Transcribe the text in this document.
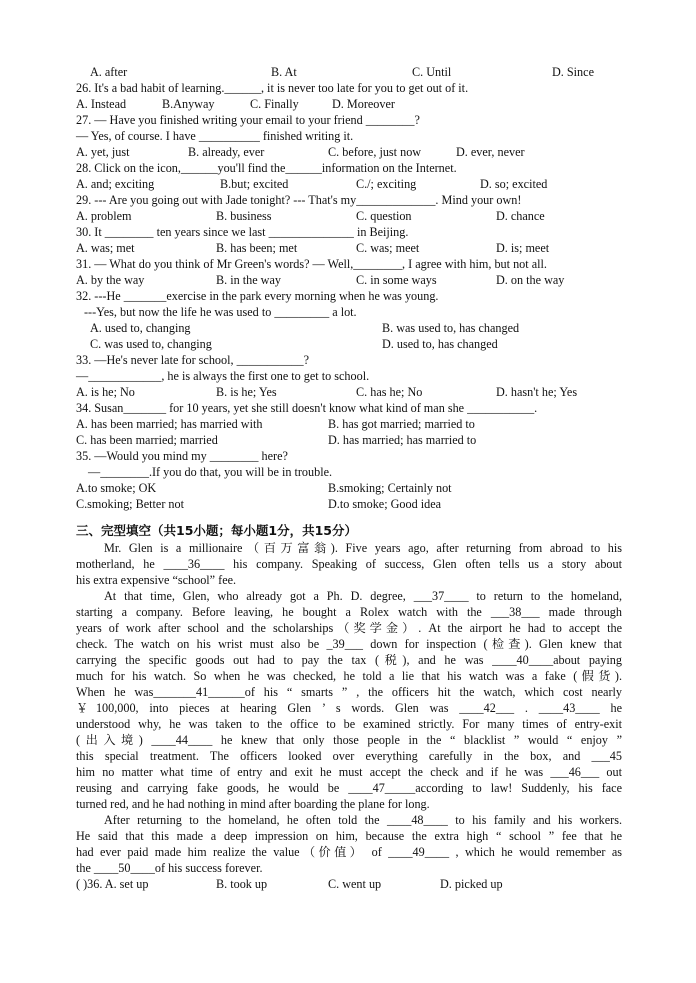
A. after	B. At	C. Until	D. Since
26. It's a bad habit of learning.______, it is never too late for you to get out of it.
A. Instead	B.Anyway	C. Finally	D. Moreover
27. — Have you finished writing your email to your friend ________?
— Yes, of course. I have __________ finished writing it.
A. yet, just	B. already, ever	C. before, just now	D. ever, never
28. Click on the icon,______you'll find the______information on the Internet.
A. and; exciting	B.but; excited	C./; exciting	D. so; excited
29. --- Are you going out with Jade tonight? --- That's my_____________. Mind your own!
A. problem	B. business	C. question	D. chance
30. It ________ ten years since we last ______________ in Beijing.
A. was; met	B. has been; met	C. was; meet	D. is; meet
31. — What do you think of Mr Green's words? — Well,________, I agree with him, but not all.
A. by the way	B. in the way	C. in some ways	D. on the way
32. ---He _______exercise in the park every morning when he was young.
---Yes, but now the life he was used to _________ a lot.
A. used to, changing	B. was used to, has changed
C. was used to, changing	D. used to, has changed
33. —He's never late for school, ___________?
—____________, he is always the first one to get to school.
A. is he; No	B. is he; Yes	C. has he; No	D. hasn't he; Yes
34. Susan_______ for 10 years, yet she still doesn't know what kind of man she ___________.
A. has been married; has married with	B. has got married; married to
C. has been married; married	D. has married; has married to
35. —Would you mind my ________ here?
—________.If you do that, you will be in trouble.
A.to smoke; OK	B.smoking; Certainly not
C.smoking; Better not	D.to smoke; Good idea
三、完型填空（共15小题；每小题1分，共15分）
Mr. Glen is a millionaire（百万富翁). Five years ago, after returning from abroad to his
motherland, he ____36____ his company. Speaking of success, Glen often tells us a story about
his extra expensive “school” fee.
At that time, Glen, who already got a Ph. D. degree, ___37____ to return to the homeland,
starting a company. Before leaving, he bought a Rolex watch with the ___38___ made through
years of work after school and the scholarships（奖学金）. At the airport he had to accept the
check. The watch on his wrist must also be _39___ down for inspection (检查). Glen knew that
carrying the specific goods out had to pay the tax (税), and he was ____40____about paying
much for his watch. So when he was checked, he told a lie that his watch was a fake (假货).
When he was_______41______of his “ smarts ” , the officers hit the watch, which cost nearly
￥100,000, into pieces at hearing Glen ’ s words. Glen was ____42___ . ____43____ he
understood why, he was taken to the office to be examined strictly. For many times of entry-exit
(出入境) ____44____ he knew that only those people in the “ blacklist ” would “ enjoy ”
this special treatment. The officers looked over everything carefully in the box, and ___45
him no matter what time of entry and exit he must accept the check and if he was ___46___ out
reusing and carrying fake goods, he would be ____47_____according to law! Suddenly, his face
turned red, and he had nothing in mind after boarding the plane for long.
After returning to the homeland, he often told the ____48____ to his family and his workers.
He said that this made a deep impression on him, because the extra high “ school ” fee that he
had ever paid made him realize the value（价值） of ____49____ , which he would remember as
the ____50____of his success forever.
( )36. A. set up	B. took up	C. went up	D. picked up
